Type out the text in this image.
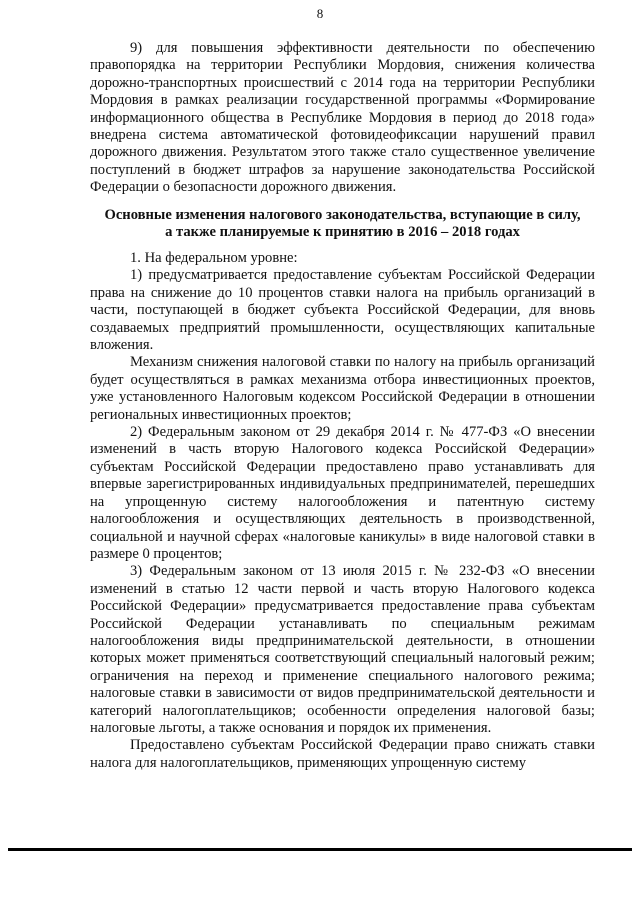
8

9) для повышения эффективности деятельности по обеспечению правопорядка на территории Республики Мордовия, снижения количества дорожно-транспортных происшествий с 2014 года на территории Республики Мордовия в рамках реализации государственной программы «Формирование информационного общества в Республике Мордовия в период до 2018 года» внедрена система автоматической фотовидеофиксации нарушений правил дорожного движения. Результатом этого также стало существенное увеличение поступлений в бюджет штрафов за нарушение законодательства Российской Федерации о безопасности дорожного движения.

Основные изменения налогового законодательства, вступающие в силу,
а также планируемые к принятию в 2016 – 2018 годах

1. На федеральном уровне:

1) предусматривается предоставление субъектам Российской Федерации права на снижение до 10 процентов ставки налога на прибыль организаций в части, поступающей в бюджет субъекта Российской Федерации, для вновь создаваемых предприятий промышленности, осуществляющих капитальные вложения.

Механизм снижения налоговой ставки по налогу на прибыль организаций будет осуществляться в рамках механизма отбора инвестиционных проектов, уже установленного Налоговым кодексом Российской Федерации в отношении региональных инвестиционных проектов;

2) Федеральным законом от 29 декабря 2014 г. № 477-ФЗ «О внесении изменений в часть вторую Налогового кодекса Российской Федерации» субъектам Российской Федерации предоставлено право устанавливать для впервые зарегистрированных индивидуальных предпринимателей, перешедших на упрощенную систему налогообложения и патентную систему налогообложения и осуществляющих деятельность в производственной, социальной и научной сферах «налоговые каникулы» в виде налоговой ставки в размере 0 процентов;

3) Федеральным законом от 13 июля 2015 г. № 232-ФЗ «О внесении изменений в статью 12 части первой и часть вторую Налогового кодекса Российской Федерации» предусматривается предоставление права субъектам Российской Федерации устанавливать по специальным режимам налогообложения виды предпринимательской деятельности, в отношении которых может применяться соответствующий специальный налоговый режим; ограничения на переход и применение специального налогового режима; налоговые ставки в зависимости от видов предпринимательской деятельности и категорий налогоплательщиков; особенности определения налоговой базы; налоговые льготы, а также основания и порядок их применения.

Предоставлено субъектам Российской Федерации право снижать ставки налога для налогоплательщиков, применяющих упрощенную систему
